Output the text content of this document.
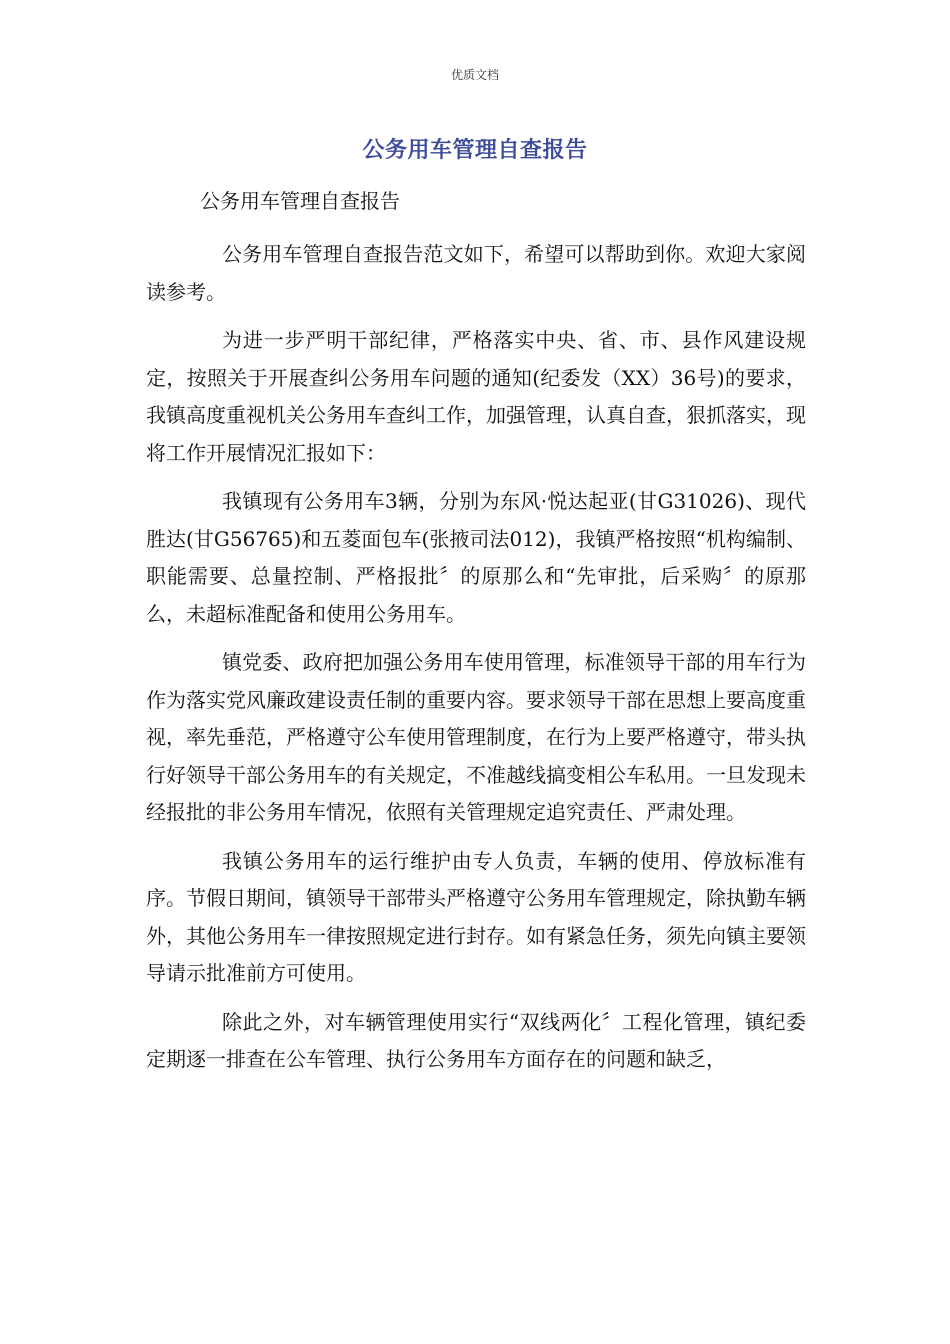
优质文档
公务用车管理自查报告
公务用车管理自查报告

公务用车管理自查报告范文如下，希望可以帮助到你。欢迎大家阅读参考。

为进一步严明干部纪律，严格落实中央、省、市、县作风建设规定，按照关于开展查纠公务用车问题的通知(纪委发（XX）36号)的要求，我镇高度重视机关公务用车查纠工作，加强管理，认真自查，狠抓落实，现将工作开展情况汇报如下：

我镇现有公务用车3辆，分别为东风·悦达起亚(甘G31026)、现代胜达(甘G56765)和五菱面包车(张掖司法012)，我镇严格按照“机构编制、职能需要、总量控制、严格报批〞的原那么和“先审批，后采购〞的原那么，未超标准配备和使用公务用车。

镇党委、政府把加强公务用车使用管理，标准领导干部的用车行为作为落实党风廉政建设责任制的重要内容。要求领导干部在思想上要高度重视，率先垂范，严格遵守公车使用管理制度，在行为上要严格遵守，带头执行好领导干部公务用车的有关规定，不准越线搞变相公车私用。一旦发现未经报批的非公务用车情况，依照有关管理规定追究责任、严肃处理。

我镇公务用车的运行维护由专人负责，车辆的使用、停放标准有序。节假日期间，镇领导干部带头严格遵守公务用车管理规定，除执勤车辆外，其他公务用车一律按照规定进行封存。如有紧急任务，须先向镇主要领导请示批准前方可使用。

除此之外，对车辆管理使用实行“双线两化〞工程化管理，镇纪委定期逐一排查在公车管理、执行公务用车方面存在的问题和缺乏，
